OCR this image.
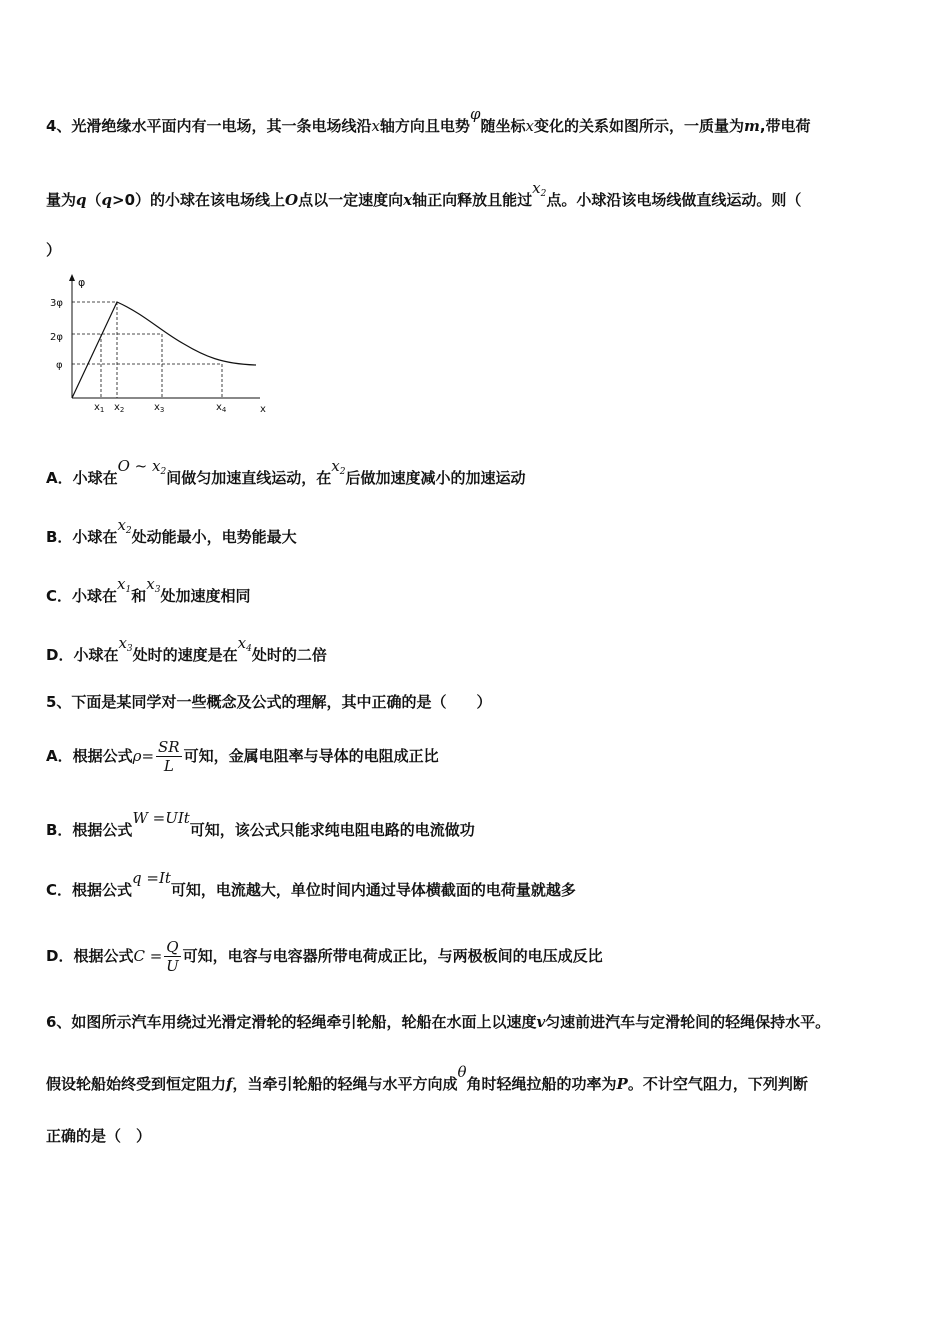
4、光滑绝缘水平面内有一电场，其一条电场线沿x轴方向且电势φ随坐标x变化的关系如图所示，一质量为m,带电荷
量为q（q>0）的小球在该电场线上O点以一定速度向x轴正向释放且能过$x_2$点。小球沿该电场线做直线运动。则（
）
φ
x
3φ
2φ
φ
$x_1$ $x_2$	$x_3$	$x_4$
A．小球在O ~ $x_2$间做匀加速直线运动，在$x_2$后做加速度减小的加速运动
B．小球在$x_2$处动能最小，电势能最大
C．小球在$x_1$和$x_3$处加速度相同
D．小球在$x_3$处时的速度是在$x_4$处时的二倍
5、下面是某同学对一些概念及公式的理解，其中正确的是（　　）
A．根据公式$\rho= \frac{SR}{L}$ 可知，金属电阻率与导体的电阻成正比
B．根据公式W =UIt可知，该公式只能求纯电阻电路的电流做功
C．根据公式q =It可知，电流越大，单位时间内通过导体横截面的电荷量就越多
D．根据公式$C = \frac{Q}{U}$ 可知，电容与电容器所带电荷成正比，与两极板间的电压成反比
6、如图所示汽车用绕过光滑定滑轮的轻绳牵引轮船，轮船在水面上以速度v匀速前进汽车与定滑轮间的轻绳保持水平。
假设轮船始终受到恒定阻力f，当牵引轮船的轻绳与水平方向成θ角时轻绳拉船的功率为P。不计空气阻力，下列判断
正确的是（　）
